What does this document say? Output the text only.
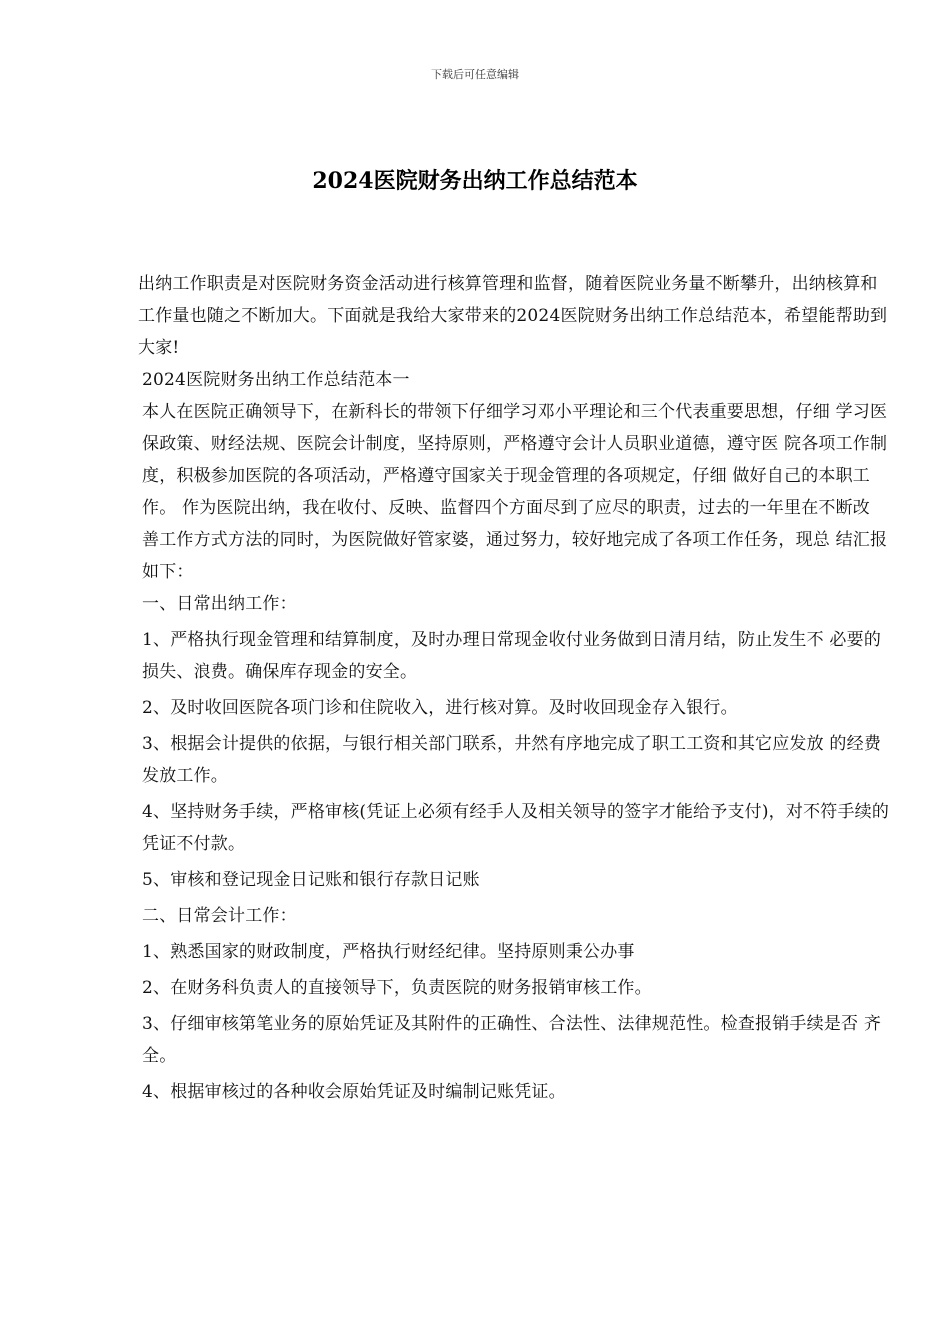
下载后可任意编辑
2024医院财务出纳工作总结范本

出纳工作职责是对医院财务资金活动进行核算管理和监督，随着医院业务量不断攀升，出纳核算和工作量也随之不断加大。下面就是我给大家带来的2024医院财务出纳工作总结范本，希望能帮助到大家!

2024医院财务出纳工作总结范本一

本人在医院正确领导下，在新科长的带领下仔细学习邓小平理论和三个代表重要思想，仔细 学习医保政策、财经法规、医院会计制度，坚持原则，严格遵守会计人员职业道德，遵守医 院各项工作制度，积极参加医院的各项活动，严格遵守国家关于现金管理的各项规定，仔细 做好自己的本职工作。 作为医院出纳，我在收付、反映、监督四个方面尽到了应尽的职责，过去的一年里在不断改 善工作方式方法的同时，为医院做好管家婆，通过努力，较好地完成了各项工作任务，现总 结汇报如下：

一、日常出纳工作：

1、严格执行现金管理和结算制度，及时办理日常现金收付业务做到日清月结，防止发生不 必要的损失、浪费。确保库存现金的安全。

2、及时收回医院各项门诊和住院收入，进行核对算。及时收回现金存入银行。

3、根据会计提供的依据，与银行相关部门联系，井然有序地完成了职工工资和其它应发放 的经费发放工作。

4、坚持财务手续，严格审核(凭证上必须有经手人及相关领导的签字才能给予支付)，对不符手续的凭证不付款。

5、审核和登记现金日记账和银行存款日记账

二、日常会计工作：

1、熟悉国家的财政制度，严格执行财经纪律。坚持原则秉公办事

2、在财务科负责人的直接领导下，负责医院的财务报销审核工作。

3、仔细审核第笔业务的原始凭证及其附件的正确性、合法性、法律规范性。检查报销手续是否 齐全。

4、根据审核过的各种收会原始凭证及时编制记账凭证。
